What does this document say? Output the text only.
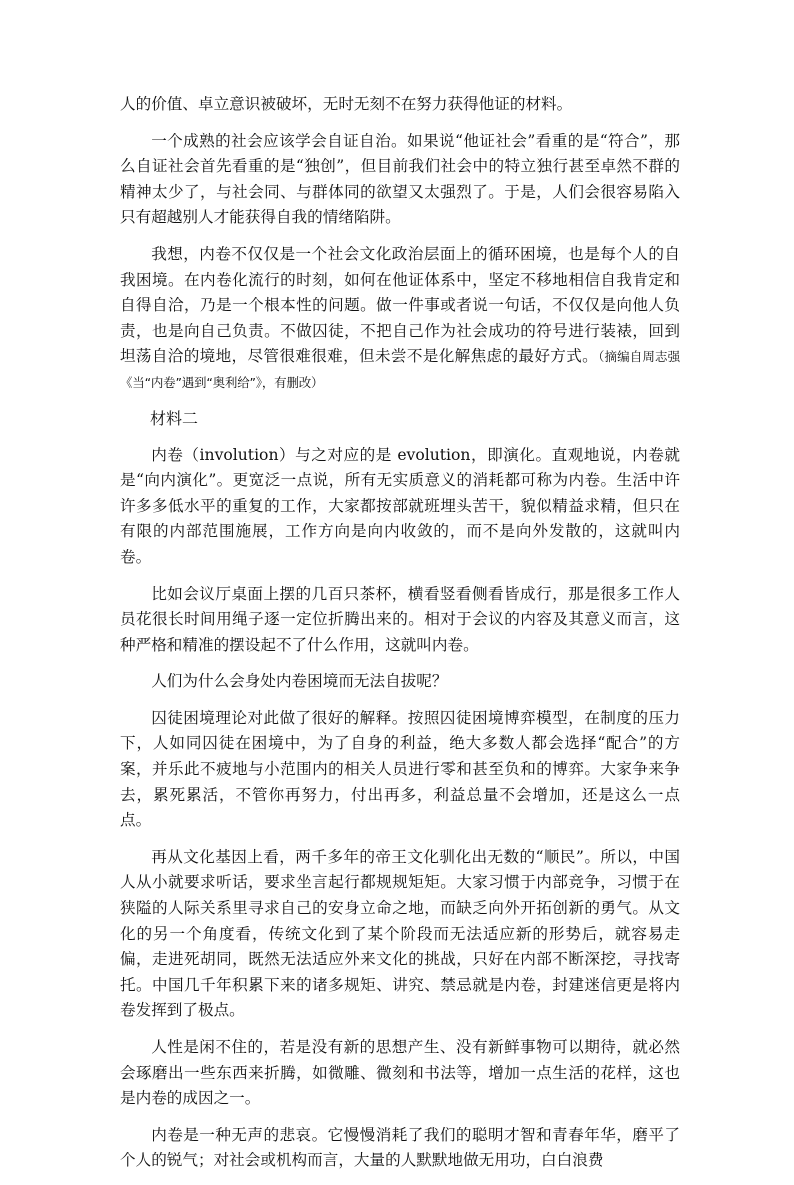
人的价值、卓立意识被破坏，无时无刻不在努力获得他证的材料。

一个成熟的社会应该学会自证自治。如果说“他证社会”看重的是“符合”，那么自证社会首先看重的是“独创”，但目前我们社会中的特立独行甚至卓然不群的精神太少了，与社会同、与群体同的欲望又太强烈了。于是，人们会很容易陷入只有超越别人才能获得自我的情绪陷阱。

我想，内卷不仅仅是一个社会文化政治层面上的循环困境，也是每个人的自我困境。在内卷化流行的时刻，如何在他证体系中，坚定不移地相信自我肯定和自得自洽，乃是一个根本性的问题。做一件事或者说一句话，不仅仅是向他人负责，也是向自己负责。不做囚徒，不把自己作为社会成功的符号进行装裱，回到坦荡自洽的境地，尽管很难很难，但未尝不是化解焦虑的最好方式。（摘编自周志强《当“内卷”遇到“奥利给”》，有删改）

材料二

内卷（involution）与之对应的是 evolution，即演化。直观地说，内卷就是“向内演化”。更宽泛一点说，所有无实质意义的消耗都可称为内卷。生活中许许多多低水平的重复的工作，大家都按部就班埋头苦干，貌似精益求精，但只在有限的内部范围施展，工作方向是向内收敛的，而不是向外发散的，这就叫内卷。

比如会议厅桌面上摆的几百只茶杯，横看竖看侧看皆成行，那是很多工作人员花很长时间用绳子逐一定位折腾出来的。相对于会议的内容及其意义而言，这种严格和精准的摆设起不了什么作用，这就叫内卷。

人们为什么会身处内卷困境而无法自拔呢？

囚徒困境理论对此做了很好的解释。按照囚徒困境博弈模型，在制度的压力下，人如同囚徒在困境中，为了自身的利益，绝大多数人都会选择“配合”的方案，并乐此不疲地与小范围内的相关人员进行零和甚至负和的博弈。大家争来争去，累死累活，不管你再努力，付出再多，利益总量不会增加，还是这么一点点。

再从文化基因上看，两千多年的帝王文化驯化出无数的“顺民”。所以，中国人从小就要求听话，要求坐言起行都规规矩矩。大家习惯于内部竞争，习惯于在狭隘的人际关系里寻求自己的安身立命之地，而缺乏向外开拓创新的勇气。从文化的另一个角度看，传统文化到了某个阶段而无法适应新的形势后，就容易走偏，走进死胡同，既然无法适应外来文化的挑战，只好在内部不断深挖，寻找寄托。中国几千年积累下来的诸多规矩、讲究、禁忌就是内卷，封建迷信更是将内卷发挥到了极点。

人性是闲不住的，若是没有新的思想产生、没有新鲜事物可以期待，就必然会琢磨出一些东西来折腾，如微雕、微刻和书法等，增加一点生活的花样，这也是内卷的成因之一。

内卷是一种无声的悲哀。它慢慢消耗了我们的聪明才智和青春年华，磨平了个人的锐气；对社会或机构而言，大量的人默默地做无用功，白白浪费
